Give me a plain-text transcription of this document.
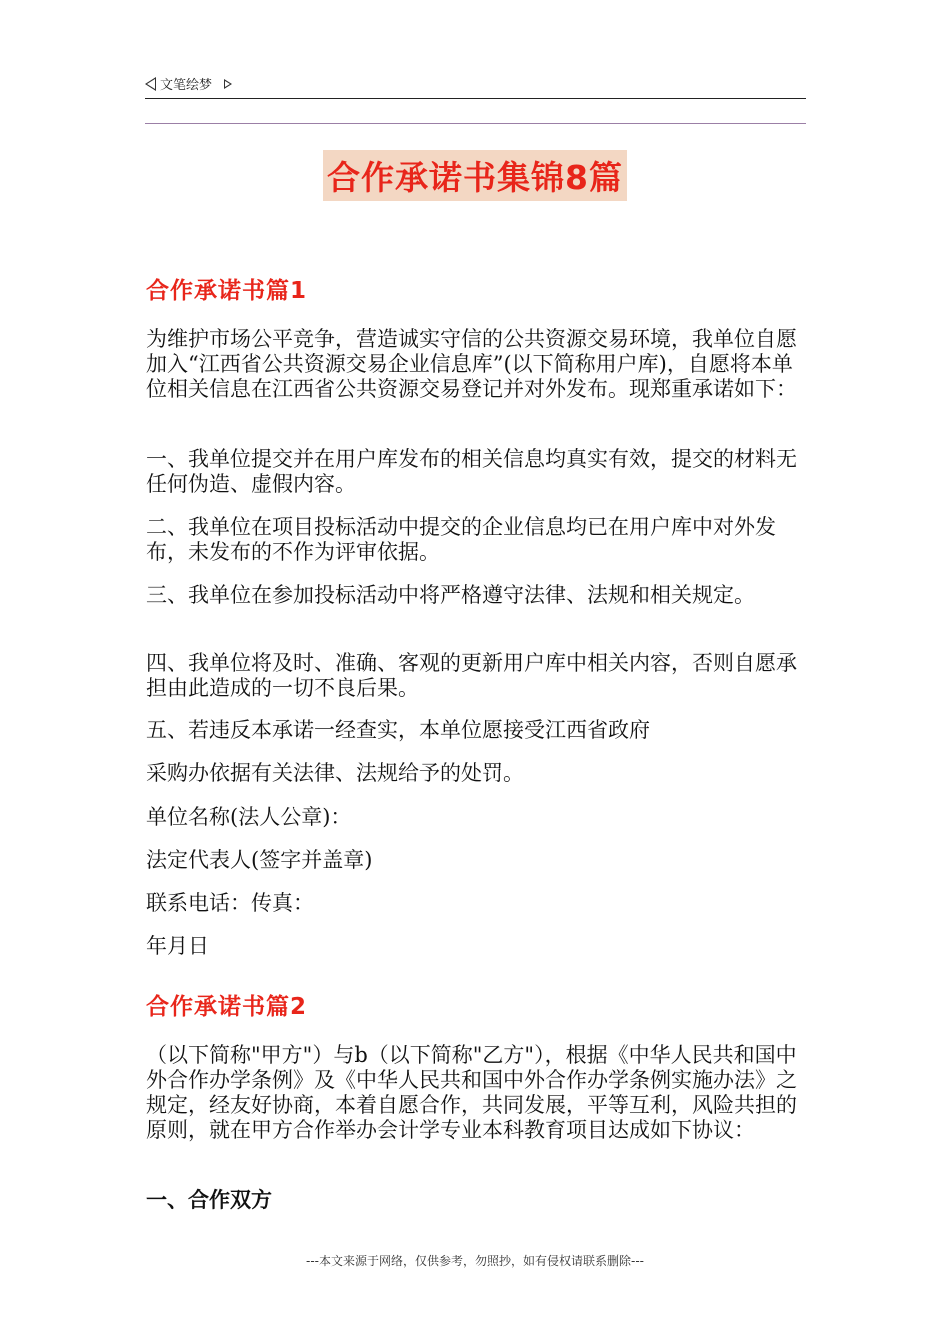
文笔绘梦
合作承诺书集锦8篇
合作承诺书篇1

为维护市场公平竞争，营造诚实守信的公共资源交易环境，我单位自愿加入“江西省公共资源交易企业信息库”(以下简称用户库)，自愿将本单位相关信息在江西省公共资源交易登记并对外发布。现郑重承诺如下：

一、我单位提交并在用户库发布的相关信息均真实有效，提交的材料无任何伪造、虚假内容。

二、我单位在项目投标活动中提交的企业信息均已在用户库中对外发布，未发布的不作为评审依据。

三、我单位在参加投标活动中将严格遵守法律、法规和相关规定。

四、我单位将及时、准确、客观的更新用户库中相关内容，否则自愿承担由此造成的一切不良后果。

五、若违反本承诺一经查实，本单位愿接受江西省政府

采购办依据有关法律、法规给予的处罚。

单位名称(法人公章)：

法定代表人(签字并盖章)

联系电话：传真：

年月日

合作承诺书篇2

（以下简称"甲方"）与b（以下简称"乙方"），根据《中华人民共和国中外合作办学条例》及《中华人民共和国中外合作办学条例实施办法》之规定，经友好协商，本着自愿合作，共同发展，平等互利，风险共担的原则，就在甲方合作举办会计学专业本科教育项目达成如下协议：

一、合作双方
---本文来源于网络，仅供参考，勿照抄，如有侵权请联系删除---
